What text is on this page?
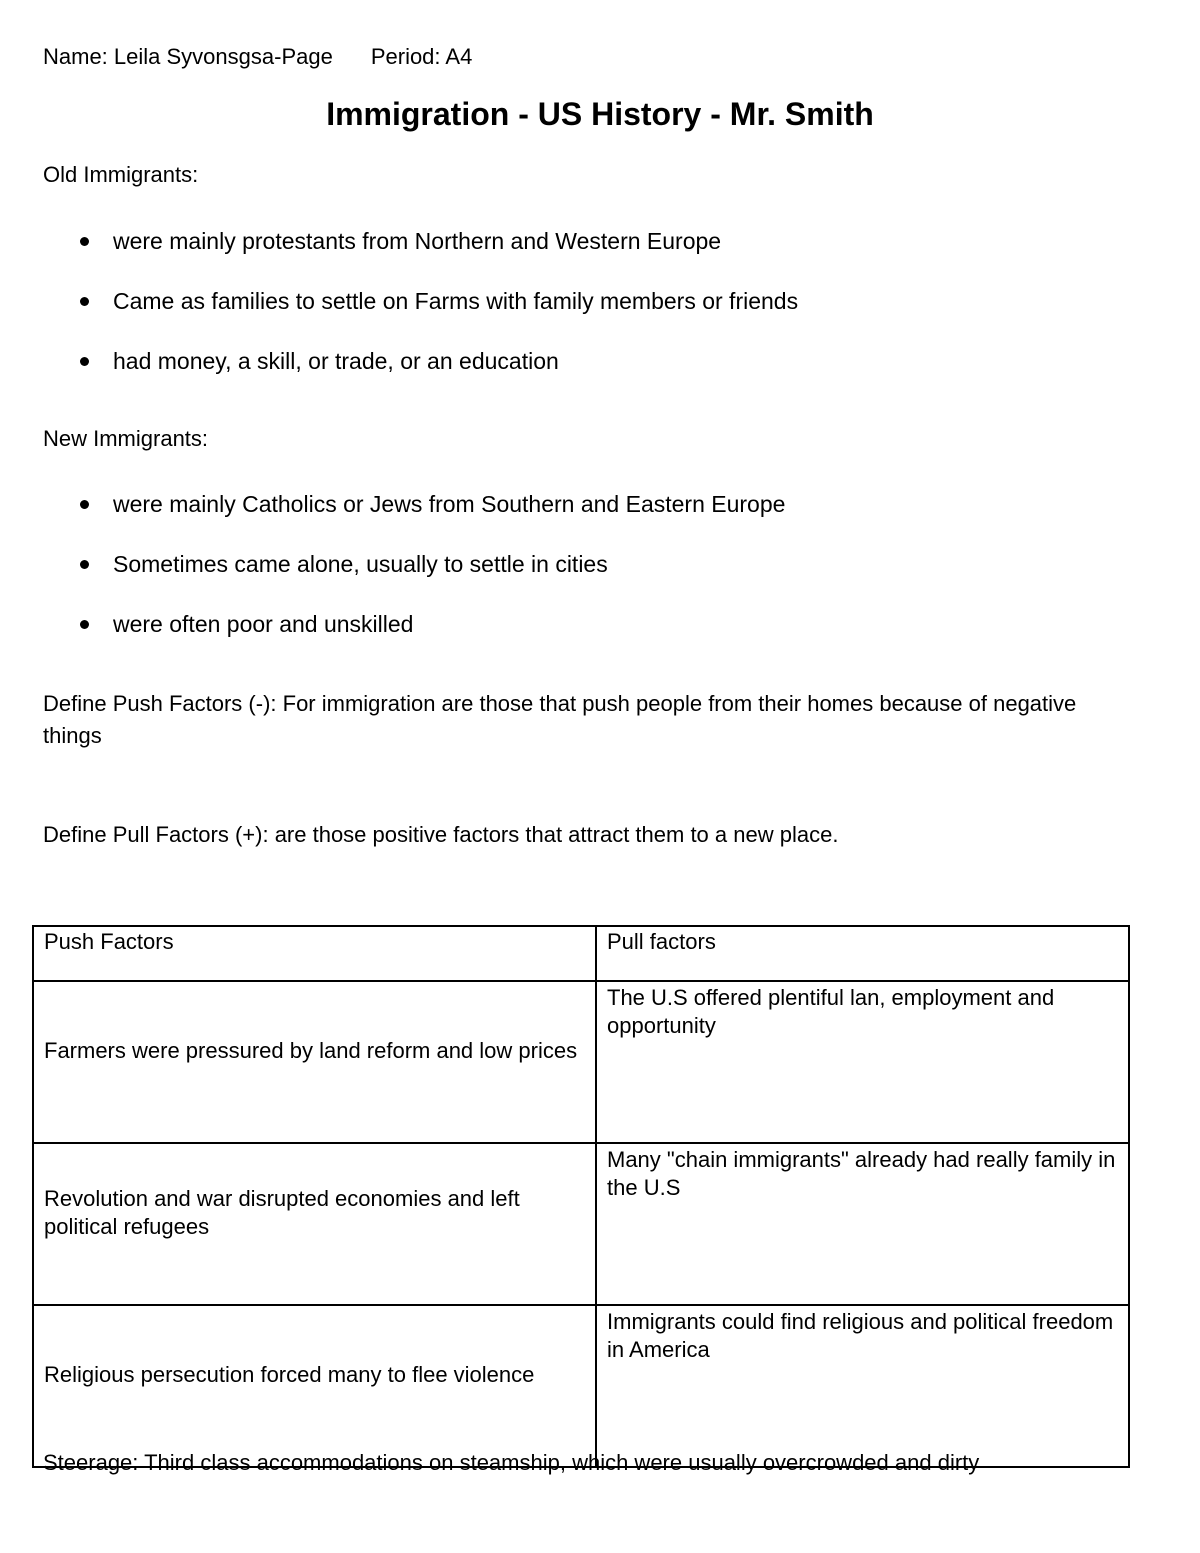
Name: Leila Syvonsgsa-Page Period: A4
Immigration - US History - Mr. Smith
Old Immigrants:
were mainly protestants from Northern and Western Europe
Came as families to settle on Farms with family members or friends
had money, a skill, or trade, or an education
New Immigrants:
were mainly Catholics or Jews from Southern and Eastern Europe
Sometimes came alone, usually to settle in cities
were often poor and unskilled
Define Push Factors (-): For immigration are those that push people from their homes because of negative things
Define Pull Factors (+): are those positive factors that attract them to a new place.
Push Factors	Pull factors
Farmers were pressured by land reform and low prices	The U.S offered plentiful lan, employment and opportunity
Revolution and war disrupted economies and left political refugees	Many "chain immigrants" already had really family in the U.S
Religious persecution forced many to flee violence	Immigrants could find religious and political freedom in America
Steerage: Third class accommodations on steamship, which were usually overcrowded and dirty
